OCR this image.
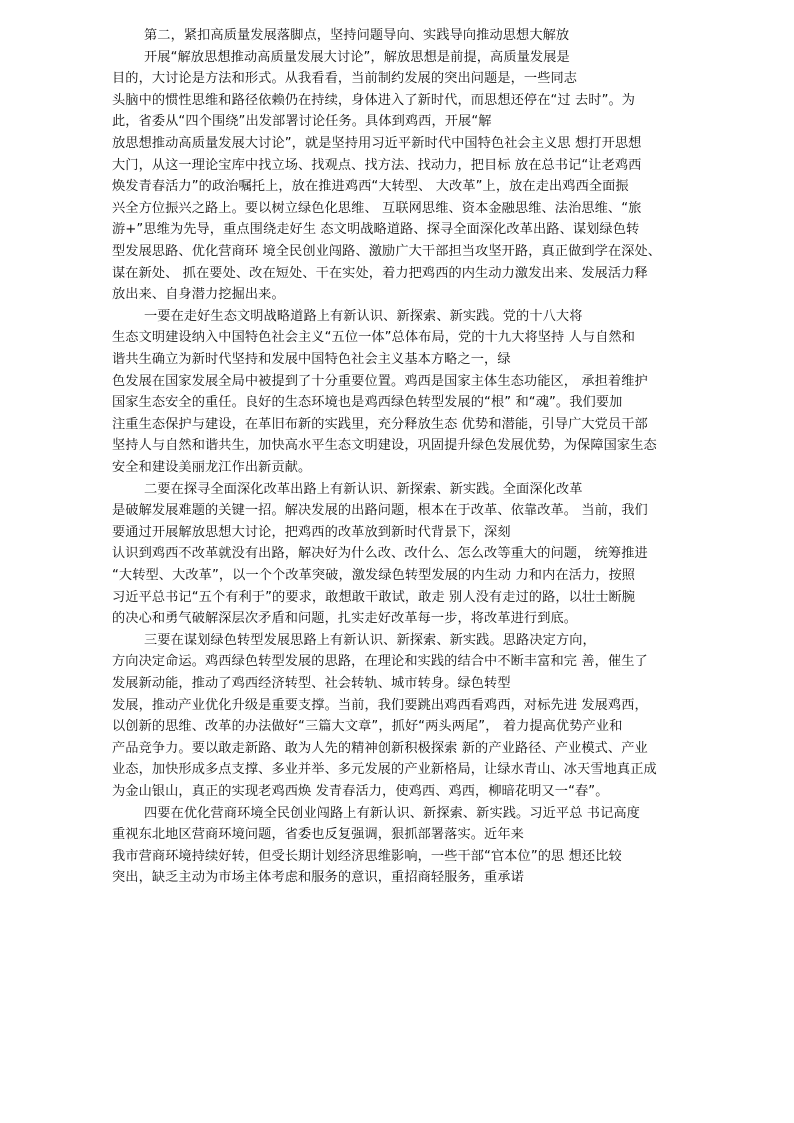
第二，紧扣高质量发展落脚点，坚持问题导向、实践导向推动思想大解放
开展“解放思想推动高质量发展大讨论”，解放思想是前提，高质量发展是
目的，大讨论是方法和形式。从我看看，当前制约发展的突出问题是，一些同志
头脑中的惯性思维和路径依赖仍在持续，身体进入了新时代，而思想还停在“过 去时”。为
此，省委从“四个围绕”出发部署讨论任务。具体到鸡西，开展“解
放思想推动高质量发展大讨论”，就是坚持用习近平新时代中国特色社会主义思 想打开思想
大门，从这一理论宝库中找立场、找观点、找方法、找动力，把目标 放在总书记“让老鸡西
焕发青春活力”的政治嘱托上，放在推进鸡西“大转型、 大改革”上，放在走出鸡西全面振
兴全方位振兴之路上。要以树立绿色化思维、 互联网思维、资本金融思维、法治思维、“旅
游+”思维为先导，重点围绕走好生 态文明战略道路、探寻全面深化改革出路、谋划绿色转
型发展思路、优化营商环 境全民创业闯路、激励广大干部担当攻坚开路，真正做到学在深处、
谋在新处、 抓在要处、改在短处、干在实处，着力把鸡西的内生动力激发出来、发展活力释
放出来、自身潜力挖掘出来。
一要在走好生态文明战略道路上有新认识、新探索、新实践。党的十八大将
生态文明建设纳入中国特色社会主义“五位一体”总体布局，党的十九大将坚持 人与自然和
谐共生确立为新时代坚持和发展中国特色社会主义基本方略之一，绿
色发展在国家发展全局中被提到了十分重要位置。鸡西是国家主体生态功能区， 承担着维护
国家生态安全的重任。良好的生态环境也是鸡西绿色转型发展的“根” 和“魂”。我们要加
注重生态保护与建设，在革旧布新的实践里，充分释放生态 优势和潜能，引导广大党员干部
坚持人与自然和谐共生，加快高水平生态文明建设，巩固提升绿色发展优势，为保障国家生态
安全和建设美丽龙江作出新贡献。
二要在探寻全面深化改革出路上有新认识、新探索、新实践。全面深化改革
是破解发展难题的关键一招。解决发展的出路问题，根本在于改革、依靠改革。 当前，我们
要通过开展解放思想大讨论，把鸡西的改革放到新时代背景下，深刻
认识到鸡西不改革就没有出路，解决好为什么改、改什么、怎么改等重大的问题， 统筹推进
“大转型、大改革”，以一个个改革突破，激发绿色转型发展的内生动 力和内在活力，按照
习近平总书记“五个有利于”的要求，敢想敢干敢试，敢走 别人没有走过的路，以壮士断腕
的决心和勇气破解深层次矛盾和问题，扎实走好改革每一步，将改革进行到底。
三要在谋划绿色转型发展思路上有新认识、新探索、新实践。思路决定方向，
方向决定命运。鸡西绿色转型发展的思路，在理论和实践的结合中不断丰富和完 善，催生了
发展新动能，推动了鸡西经济转型、社会转轨、城市转身。绿色转型
发展，推动产业优化升级是重要支撑。当前，我们要跳出鸡西看鸡西，对标先进 发展鸡西，
以创新的思维、改革的办法做好“三篇大文章”，抓好“两头两尾”， 着力提高优势产业和
产品竞争力。要以敢走新路、敢为人先的精神创新积极探索 新的产业路径、产业模式、产业
业态，加快形成多点支撑、多业并举、多元发展的产业新格局，让绿水青山、冰天雪地真正成
为金山银山，真正的实现老鸡西焕 发青春活力，使鸡西、鸡西，柳暗花明又一“春”。
四要在优化营商环境全民创业闯路上有新认识、新探索、新实践。习近平总 书记高度
重视东北地区营商环境问题，省委也反复强调，狠抓部署落实。近年来
我市营商环境持续好转，但受长期计划经济思维影响，一些干部“官本位”的思 想还比较
突出，缺乏主动为市场主体考虑和服务的意识，重招商轻服务，重承诺
